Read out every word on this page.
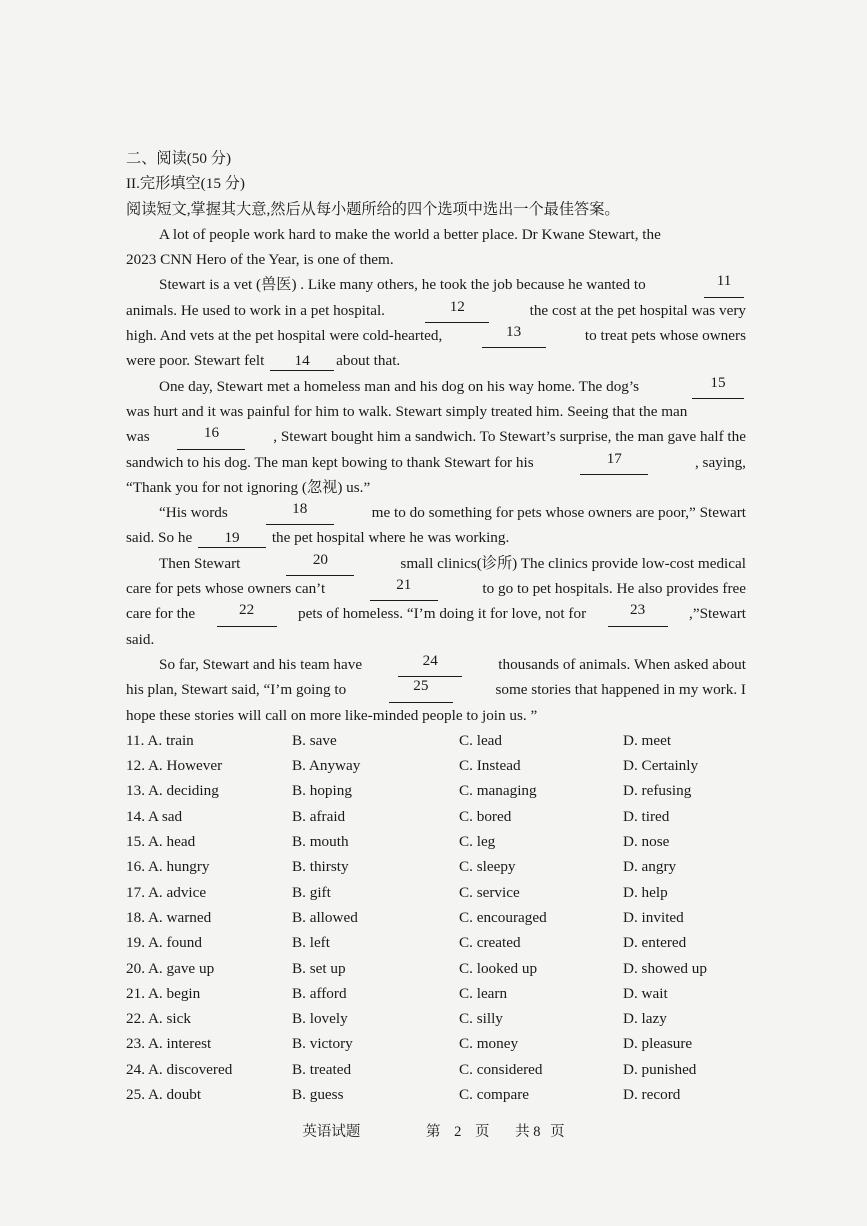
二、阅读(50 分)
II.完形填空(15 分)
阅读短文,掌握其大意,然后从每小题所给的四个选项中选出一个最佳答案。
A lot of people work hard to make the world a better place. Dr Kwane Stewart, the
2023 CNN Hero of the Year, is one of them.
Stewart is a vet (兽医) . Like many others, he took the job because he wanted to	11
animals. He used to work in a pet hospital.	12	the cost at the pet hospital was very
high. And vets at the pet hospital were cold-hearted,	13	to treat pets whose owners
were poor. Stewart felt 14 about that.
One day, Stewart met a homeless man and his dog on his way home. The dog’s	15
was hurt and it was painful for him to walk. Stewart simply treated him. Seeing that the man
was	16	, Stewart bought him a sandwich. To Stewart’s surprise, the man gave half the
sandwich to his dog. The man kept bowing to thank Stewart for his	17	, saying,
“Thank you for not ignoring (忽视) us.”
“His words	18	me to do something for pets whose owners are poor,” Stewart
said. So he 19 the pet hospital where he was working.
Then Stewart	20	small clinics(诊所) The clinics provide low-cost medical
care for pets whose owners can’t	21	to go to pet hospitals. He also provides free
care for the	22	pets of homeless. “I’m doing it for love, not for	23	,”Stewart
said.
So far, Stewart and his team have	24	thousands of animals. When asked about
his plan, Stewart said, “I’m going to	25	some stories that happened in my work. I
hope these stories will call on more like-minded people to join us. ”
11. A. train	B. save	C. lead	D. meet
12. A. However	B. Anyway	C. Instead	D. Certainly
13. A. deciding	B. hoping	C. managing	D. refusing
14. A sad	B. afraid	C. bored	D. tired
15. A. head	B. mouth	C. leg	D. nose
16. A. hungry	B. thirsty	C. sleepy	D. angry
17. A. advice	B. gift	C. service	D. help
18. A. warned	B. allowed	C. encouraged	D. invited
19. A. found	B. left	C. created	D. entered
20. A. gave up	B. set up	C. looked up	D. showed up
21. A. begin	B. afford	C. learn	D. wait
22. A. sick	B. lovely	C. silly	D. lazy
23. A. interest	B. victory	C. money	D. pleasure
24. A. discovered	B. treated	C. considered	D. punished
25. A. doubt	B. guess	C. compare	D. record
英语试题	第 2 页 共 8 页
